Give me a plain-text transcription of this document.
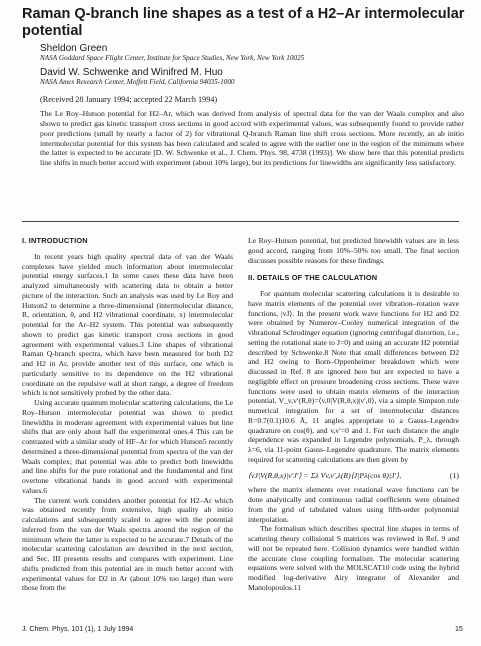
Raman Q-branch line shapes as a test of a H2–Ar intermolecular potential
Sheldon Green
NASA Goddard Space Flight Center, Institute for Space Studies, New York, New York 10025
David W. Schwenke and Winifred M. Huo
NASA Ames Research Center, Moffett Field, California 94035-1000
(Received 28 January 1994; accepted 22 March 1994)

The Le Roy–Hutson potential for H2–Ar, which was derived from analysis of spectral data for the van der Waals complex and also shown to predict gas kinetic transport cross sections in good accord with experimental values, was subsequently found to provide rather poor predictions (small by nearly a factor of 2) for vibrational Q-branch Raman line shift cross sections. More recently, an ab initio intermolecular potential for this system has been calculated and scaled to agree with the earlier one in the region of the minimum where the latter is expected to be accurate [D. W. Schwenke et al., J. Chem. Phys. 98, 4738 (1993)]. We show here that this potential predicts line shifts in much better accord with experiment (about 10% large), but its predictions for linewidths are significantly less satisfactory.

I. INTRODUCTION

In recent years high quality spectral data of van der Waals complexes have yielded much information about intermolecular potential energy surfaces.1 In some cases these data have been analyzed simultaneously with scattering data to obtain a better picture of the interaction. Such an analysis was used by Le Roy and Hutson2 to determine a three-dimensional (intermolecular distance, R, orientation, θ, and H2 vibrational coordinate, x) intermolecular potential for the Ar–H2 system. This potential was subsequently shown to predict gas kinetic transport cross sections in good agreement with experimental values.3 Line shapes of vibrational Raman Q-branch spectra, which have been measured for both D2 and H2 in Ar, provide another test of this surface, one which is particularly sensitive to its dependence on the H2 vibrational coordinate on the repulsive wall at short range, a degree of freedom which is not sensitively probed by the other data.

Using accurate quantum molecular scattering calculations, the Le Roy–Hutson intermolecular potential was shown to predict linewidths in moderate agreement with experimental values but line shifts that are only about half the experimental ones.4 This can be contrasted with a similar study of HF–Ar for which Hutson5 recently determined a three-dimensional potential from spectra of the van der Waals complex; that potential was able to predict both linewidths and line shifts for the pure rotational and the fundamental and first overtone vibrational bands in good accord with experimental values.6

The current work considers another potential for H2–Ar which was obtained recently from extensive, high quality ab initio calculations and subsequently scaled to agree with the potential inferred from the van der Waals spectra around the region of the minimum where the latter is expected to be accurate.7 Details of the molecular scattering calculation are described in the next section, and Sec. III presents results and compares with experiment. Line shifts predicted from this potential are in much better accord with experimental values for D2 in Ar (about 10% too large) than were those from the

Le Roy–Hutson potential, but predicted linewidth values are in less good accord, ranging from 10%–50% too small. The final section discusses possible reasons for these findings.

II. DETAILS OF THE CALCULATION

For quantum molecular scattering calculations it is desirable to have matrix elements of the potential over vibration–rotation wave functions, |vJ⟩. In the present work wave functions for H2 and D2 were obtained by Numerov–Cooley numerical integration of the vibrational Schrodinger equation (ignoring centrifugal distortion, i.e., setting the rotational state to J=0) and using an accurate H2 potential described by Schwenke.8 Note that small differences between D2 and H2 owing to Born–Oppenheimer breakdown which were discussed in Ref. 8 are ignored here but are expected to have a negligible effect on pressure broadening cross sections. These wave functions were used to obtain matrix elements of the interaction potential, V_v,v′(R,θ)=⟨v,0|V(R,θ,x)|v′,0⟩, via a simple Simpson rule numerical integration for a set of intermolecular distances R=0.7(0.1)10.6 Å, 11 angles appropriate to a Gauss–Legendre quadrature on cos(θ), and v,v′=0 and 1. For each distance the angle dependence was expanded in Legendre polynomials, P_λ, through λ=6, via 11-point Gauss–Legendre quadrature. The matrix elements required for scattering calculations are then given by

⟨vJ|V(R,θ,x)|v′J′⟩ = Σλ Vv,v′,λ(R)⟨J|Pλ(cos θ)|J′⟩,	(1)

where the matrix elements over rotational wave functions can be done analytically and continuous radial coefficients were obtained from the grid of tabulated values using fifth-order polynomial interpolation.

The formalism which describes spectral line shapes in terms of scattering theory collisional S matrices was reviewed in Ref. 9 and will not be repeated here. Collision dynamics were handled within the accurate close coupling formalism. The molecular scattering equations were solved with the MOLSCAT10 code using the hybrid modified log-derivative Airy integrator of Alexander and Manolopoulos.11

J. Chem. Phys. 101 (1), 1 July 1994	15
